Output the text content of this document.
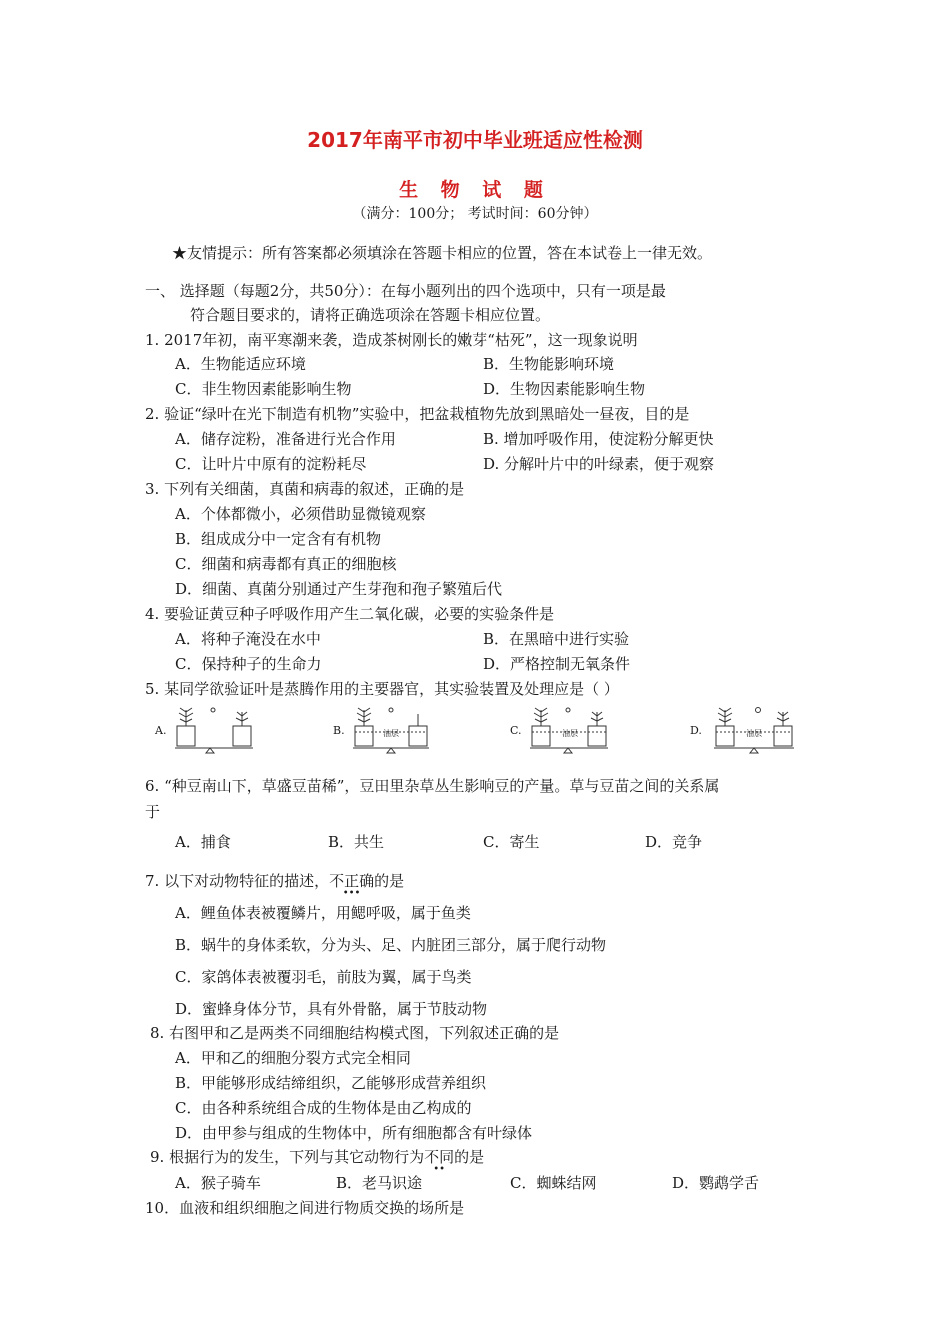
2017年南平市初中毕业班适应性检测
生 物 试 题
（满分：100分； 考试时间：60分钟）
★友情提示：所有答案都必须填涂在答题卡相应的位置，答在本试卷上一律无效。
一、 选择题（每题2分，共50分）：在每小题列出的四个选项中，只有一项是最
符合题目要求的，请将正确选项涂在答题卡相应位置。
1. 2017年初，南平寒潮来袭，造成茶树刚长的嫩芽“枯死”，这一现象说明
A．生物能适应环境	B．生物能影响环境
C．非生物因素能影响生物	D．生物因素能影响生物
2. 验证“绿叶在光下制造有机物”实验中，把盆栽植物先放到黑暗处一昼夜，目的是
A．储存淀粉，准备进行光合作用	B. 增加呼吸作用，使淀粉分解更快
C．让叶片中原有的淀粉耗尽	D. 分解叶片中的叶绿素，便于观察
3. 下列有关细菌，真菌和病毒的叙述，正确的是
A．个体都微小，必须借助显微镜观察
B．组成成分中一定含有有机物
C．细菌和病毒都有真正的细胞核
D．细菌、真菌分别通过产生芽孢和孢子繁殖后代
4. 要验证黄豆种子呼吸作用产生二氧化碳，必要的实验条件是
A．将种子淹没在水中	B．在黑暗中进行实验
C．保持种子的生命力	D．严格控制无氧条件
5. 某同学欲验证叶是蒸腾作用的主要器官，其实验装置及处理应是（ ）
A.	B.	油层	C.	油层	D.	油层
6. “种豆南山下，草盛豆苗稀”，豆田里杂草丛生影响豆的产量。草与豆苗之间的关系属
于
A．捕食	B．共生	C．寄生	D．竞争
7. 以下对动物特征的描述，不正确
•••
的是
A．鲤鱼体表被覆鳞片，用鳃呼吸，属于鱼类
B．蜗牛的身体柔软，分为头、足、内脏团三部分，属于爬行动物
C．家鸽体表被覆羽毛，前肢为翼，属于鸟类
D．蜜蜂身体分节，具有外骨骼，属于节肢动物
8. 右图甲和乙是两类不同细胞结构模式图，下列叙述正确的是
A．甲和乙的细胞分裂方式完全相同
B．甲能够形成结缔组织，乙能够形成营养组织
C．由各种系统组合成的生物体是由乙构成的
D．由甲参与组成的生物体中，所有细胞都含有叶绿体
9. 根据行为的发生，下列与其它动物行为不同
••
的是
A．猴子骑车	B．老马识途	C．蜘蛛结网	D．鹦鹉学舌
10．血液和组织细胞之间进行物质交换的场所是
